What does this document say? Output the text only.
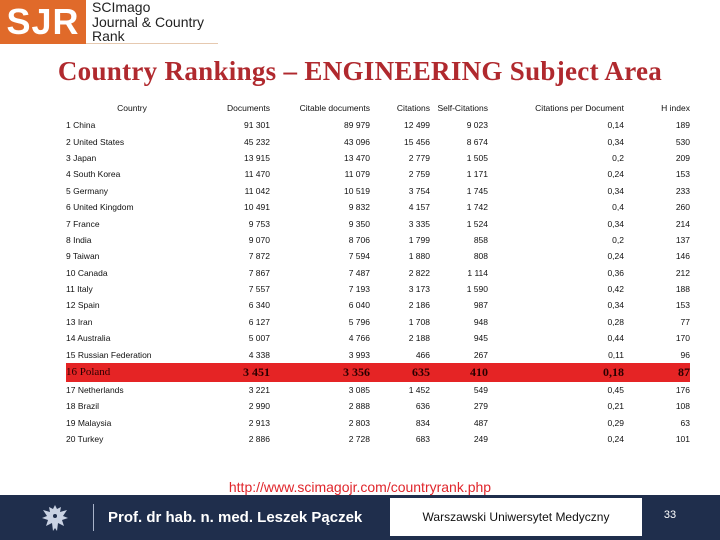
SJR SCImago
Journal & Country
Rank
Country Rankings – ENGINEERING Subject Area
Country	Documents	Citable documents	Citations	Self-Citations	Citations per Document	H index
1 China	91 301	89 979	12 499	9 023	0,14	189
2 United States	45 232	43 096	15 456	8 674	0,34	530
3 Japan	13 915	13 470	2 779	1 505	0,2	209
4 South Korea	11 470	11 079	2 759	1 171	0,24	153
5 Germany	11 042	10 519	3 754	1 745	0,34	233
6 United Kingdom	10 491	9 832	4 157	1 742	0,4	260
7 France	9 753	9 350	3 335	1 524	0,34	214
8 India	9 070	8 706	1 799	858	0,2	137
9 Taiwan	7 872	7 594	1 880	808	0,24	146
10 Canada	7 867	7 487	2 822	1 114	0,36	212
11 Italy	7 557	7 193	3 173	1 590	0,42	188
12 Spain	6 340	6 040	2 186	987	0,34	153
13 Iran	6 127	5 796	1 708	948	0,28	77
14 Australia	5 007	4 766	2 188	945	0,44	170
15 Russian Federation	4 338	3 993	466	267	0,11	96
16 Poland	3 451	3 356	635	410	0,18	87
17 Netherlands	3 221	3 085	1 452	549	0,45	176
18 Brazil	2 990	2 888	636	279	0,21	108
19 Malaysia	2 913	2 803	834	487	0,29	63
20 Turkey	2 886	2 728	683	249	0,24	101
http://www.scimagojr.com/countryrank.php
Prof. dr hab. n. med. Leszek Pączek	Warszawski Uniwersytet Medyczny	33
